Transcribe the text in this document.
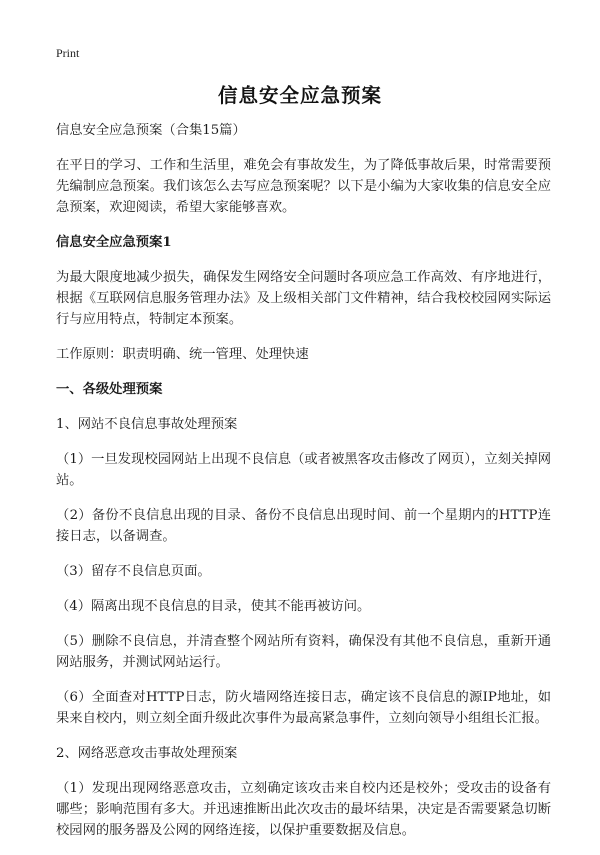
Print
信息安全应急预案

信息安全应急预案（合集15篇）

在平日的学习、工作和生活里，难免会有事故发生，为了降低事故后果，时常需要预先编制应急预案。我们该怎么去写应急预案呢？以下是小编为大家收集的信息安全应急预案，欢迎阅读，希望大家能够喜欢。

信息安全应急预案1

为最大限度地减少损失，确保发生网络安全问题时各项应急工作高效、有序地进行，根据《互联网信息服务管理办法》及上级相关部门文件精神，结合我校校园网实际运行与应用特点，特制定本预案。

工作原则：职责明确、统一管理、处理快速

一、各级处理预案

1、网站不良信息事故处理预案

（1）一旦发现校园网站上出现不良信息（或者被黑客攻击修改了网页），立刻关掉网站。

（2）备份不良信息出现的目录、备份不良信息出现时间、前一个星期内的HTTP连接日志，以备调查。

（3）留存不良信息页面。

（4）隔离出现不良信息的目录，使其不能再被访问。

（5）删除不良信息，并清查整个网站所有资料，确保没有其他不良信息，重新开通网站服务，并测试网站运行。

（6）全面查对HTTP日志，防火墙网络连接日志，确定该不良信息的源IP地址，如果来自校内，则立刻全面升级此次事件为最高紧急事件，立刻向领导小组组长汇报。

2、网络恶意攻击事故处理预案

（1）发现出现网络恶意攻击，立刻确定该攻击来自校内还是校外；受攻击的设备有哪些；影响范围有多大。并迅速推断出此次攻击的最坏结果，决定是否需要紧急切断校园网的服务器及公网的网络连接，以保护重要数据及信息。
